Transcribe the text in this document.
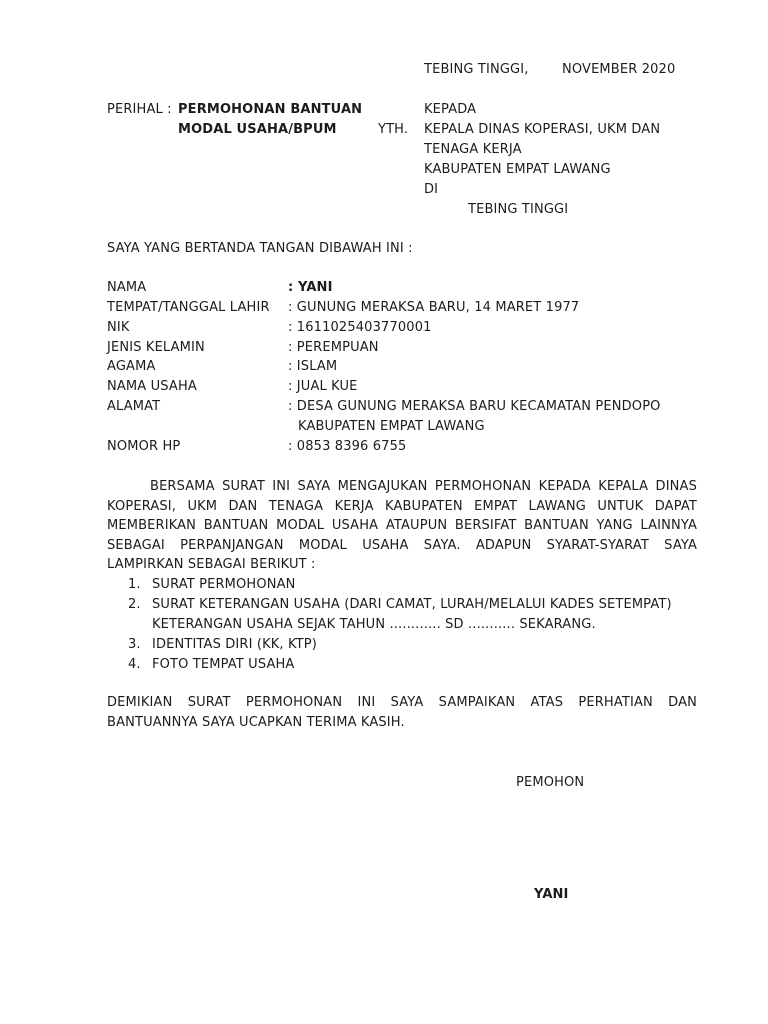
TEBING TINGGI,	NOVEMBER 2020
PERIHAL : PERMOHONAN BANTUAN
MODAL USAHA/BPUM
KEPADA
YTH. KEPALA DINAS KOPERASI, UKM DAN
TENAGA KERJA
KABUPATEN EMPAT LAWANG
DI
TEBING TINGGI
SAYA YANG BERTANDA TANGAN DIBAWAH INI :
NAMA	: YANI
TEMPAT/TANGGAL LAHIR : GUNUNG MERAKSA BARU, 14 MARET 1977
NIK	: 1611025403770001
JENIS KELAMIN	: PEREMPUAN
AGAMA	: ISLAM
NAMA USAHA	: JUAL KUE
ALAMAT	: DESA GUNUNG MERAKSA BARU KECAMATAN PENDOPO
KABUPATEN EMPAT LAWANG
NOMOR HP	: 0853 8396 6755
BERSAMA SURAT INI SAYA MENGAJUKAN PERMOHONAN KEPADA KEPALA DINAS KOPERASI, UKM DAN TENAGA KERJA KABUPATEN EMPAT LAWANG UNTUK DAPAT MEMBERIKAN BANTUAN MODAL USAHA ATAUPUN BERSIFAT BANTUAN YANG LAINNYA SEBAGAI PERPANJANGAN MODAL USAHA SAYA. ADAPUN SYARAT-SYARAT SAYA LAMPIRKAN SEBAGAI BERIKUT :
1. SURAT PERMOHONAN
2. SURAT KETERANGAN USAHA (DARI CAMAT, LURAH/MELALUI KADES SETEMPAT)
KETERANGAN USAHA SEJAK TAHUN ............ SD ........... SEKARANG.
3. IDENTITAS DIRI (KK, KTP)
4. FOTO TEMPAT USAHA
DEMIKIAN SURAT PERMOHONAN INI SAYA SAMPAIKAN ATAS PERHATIAN DAN BANTUANNYA SAYA UCAPKAN TERIMA KASIH.
PEMOHON
YANI
